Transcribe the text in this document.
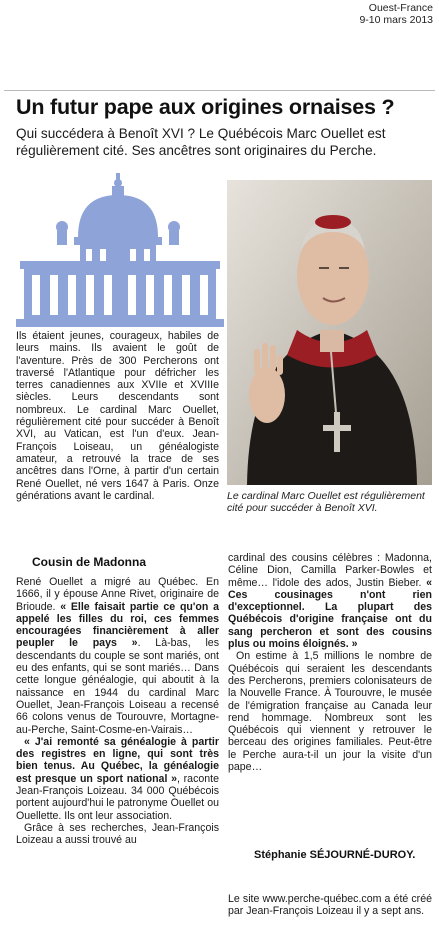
Ouest-France
9-10 mars 2013
Un futur pape aux origines ornaises ?

Qui succédera à Benoît XVI ? Le Québécois Marc Ouellet est régulièrement cité. Ses ancêtres sont originaires du Perche.

Le cardinal Marc Ouellet est régulièrement cité pour succéder à Benoît XVI.

Ils étaient jeunes, courageux, habiles de leurs mains. Ils avaient le goût de l'aventure. Près de 300 Percherons ont traversé l'Atlantique pour défricher les terres canadiennes aux XVIIe et XVIIIe siècles. Leurs descendants sont nombreux. Le cardinal Marc Ouellet, régulièrement cité pour succéder à Benoît XVI, au Vatican, est l'un d'eux. Jean-François Loiseau, un généalogiste amateur, a retrouvé la trace de ses ancêtres dans l'Orne, à partir d'un certain René Ouellet, né vers 1647 à Paris. Onze générations avant le cardinal.

Cousin de Madonna

René Ouellet a migré au Québec. En 1666, il y épouse Anne Rivet, originaire de Brioude. « Elle faisait partie ce qu'on a appelé les filles du roi, ces femmes encouragées financièrement à aller peupler le pays ». Là-bas, les descendants du couple se sont mariés, ont eu des enfants, qui se sont mariés… Dans cette longue généalogie, qui aboutit à la naissance en 1944 du cardinal Marc Ouellet, Jean-François Loiseau a recensé 66 colons venus de Tourouvre, Mortagne-au-Perche, Saint-Cosme-en-Vairais…

« J'ai remonté sa généalogie à partir des registres en ligne, qui sont très bien tenus. Au Québec, la généalogie est presque un sport national », raconte Jean-François Loizeau. 34 000 Québécois portent aujourd'hui le patronyme Ouellet ou Ouellette. Ils ont leur association.

Grâce à ses recherches, Jean-François Loizeau a aussi trouvé au

cardinal des cousins célèbres : Madonna, Céline Dion, Camilla Parker-Bowles et même… l'idole des ados, Justin Bieber. « Ces cousinages n'ont rien d'exceptionnel. La plupart des Québécois d'origine française ont du sang percheron et sont des cousins plus ou moins éloignés. »

On estime à 1,5 millions le nombre de Québécois qui seraient les descendants des Percherons, premiers colonisateurs de la Nouvelle France. À Tourouvre, le musée de l'émigration française au Canada leur rend hommage. Nombreux sont les Québécois qui viennent y retrouver le berceau des origines familiales. Peut-être le Perche aura-t-il un jour la visite d'un pape…

Stéphanie SÉJOURNÉ-DUROY.

Le site www.perche-québec.com a été créé par Jean-François Loizeau il y a sept ans.
